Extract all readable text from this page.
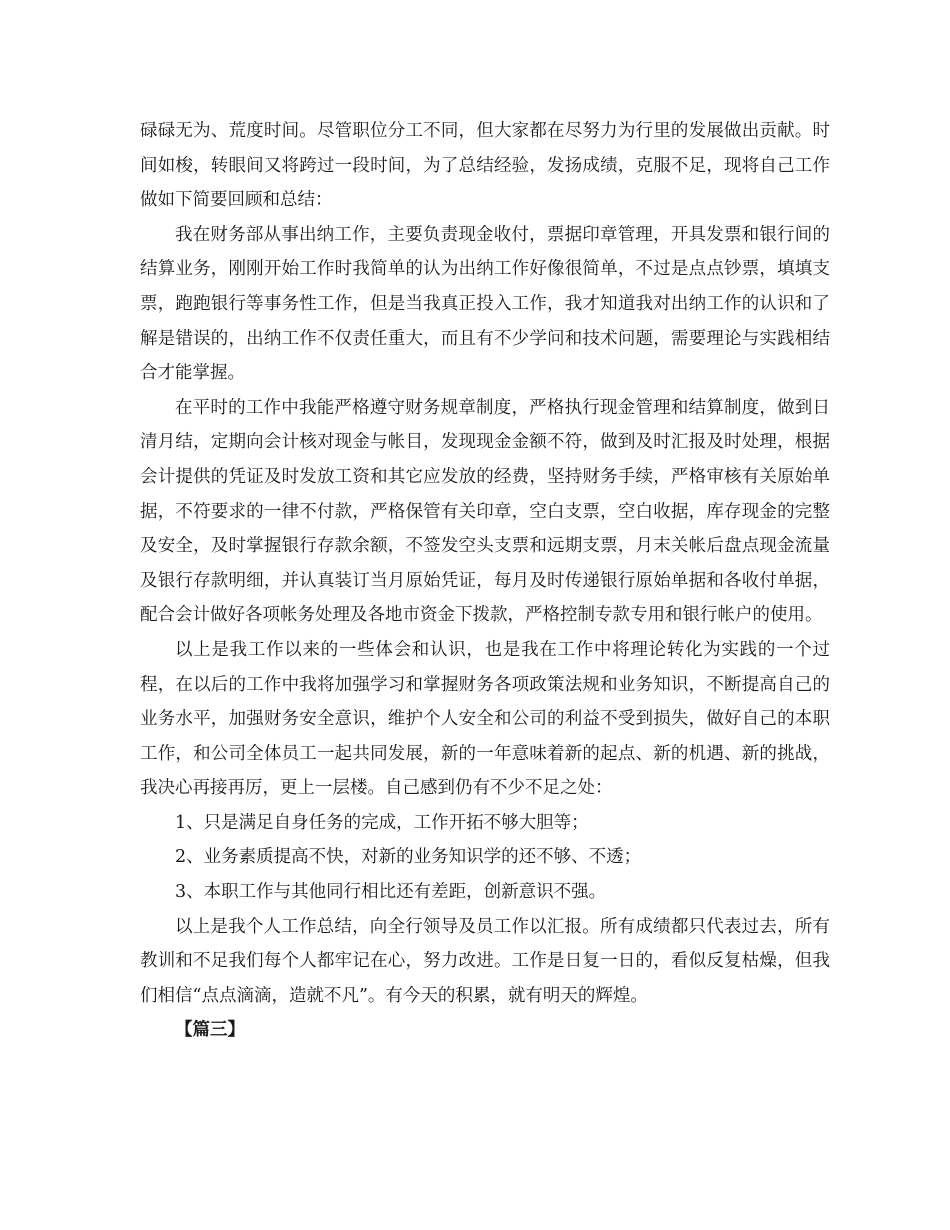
碌碌无为、荒度时间。尽管职位分工不同，但大家都在尽努力为行里的发展做出贡献。时间如梭，转眼间又将跨过一段时间，为了总结经验，发扬成绩，克服不足，现将自己工作做如下简要回顾和总结：

我在财务部从事出纳工作，主要负责现金收付，票据印章管理，开具发票和银行间的结算业务，刚刚开始工作时我简单的认为出纳工作好像很简单，不过是点点钞票，填填支票，跑跑银行等事务性工作，但是当我真正投入工作，我才知道我对出纳工作的认识和了解是错误的，出纳工作不仅责任重大，而且有不少学问和技术问题，需要理论与实践相结合才能掌握。

在平时的工作中我能严格遵守财务规章制度，严格执行现金管理和结算制度，做到日清月结，定期向会计核对现金与帐目，发现现金金额不符，做到及时汇报及时处理，根据会计提供的凭证及时发放工资和其它应发放的经费，坚持财务手续，严格审核有关原始单据，不符要求的一律不付款，严格保管有关印章，空白支票，空白收据，库存现金的完整及安全，及时掌握银行存款余额，不签发空头支票和远期支票，月末关帐后盘点现金流量及银行存款明细，并认真装订当月原始凭证，每月及时传递银行原始单据和各收付单据，配合会计做好各项帐务处理及各地市资金下拨款，严格控制专款专用和银行帐户的使用。

以上是我工作以来的一些体会和认识，也是我在工作中将理论转化为实践的一个过程，在以后的工作中我将加强学习和掌握财务各项政策法规和业务知识，不断提高自己的业务水平，加强财务安全意识，维护个人安全和公司的利益不受到损失，做好自己的本职工作，和公司全体员工一起共同发展，新的一年意味着新的起点、新的机遇、新的挑战，我决心再接再厉，更上一层楼。自己感到仍有不少不足之处：

1、只是满足自身任务的完成，工作开拓不够大胆等；

2、业务素质提高不快，对新的业务知识学的还不够、不透；

3、本职工作与其他同行相比还有差距，创新意识不强。

以上是我个人工作总结，向全行领导及员工作以汇报。所有成绩都只代表过去，所有教训和不足我们每个人都牢记在心，努力改进。工作是日复一日的，看似反复枯燥，但我们相信“点点滴滴，造就不凡”。有今天的积累，就有明天的辉煌。

【篇三】
